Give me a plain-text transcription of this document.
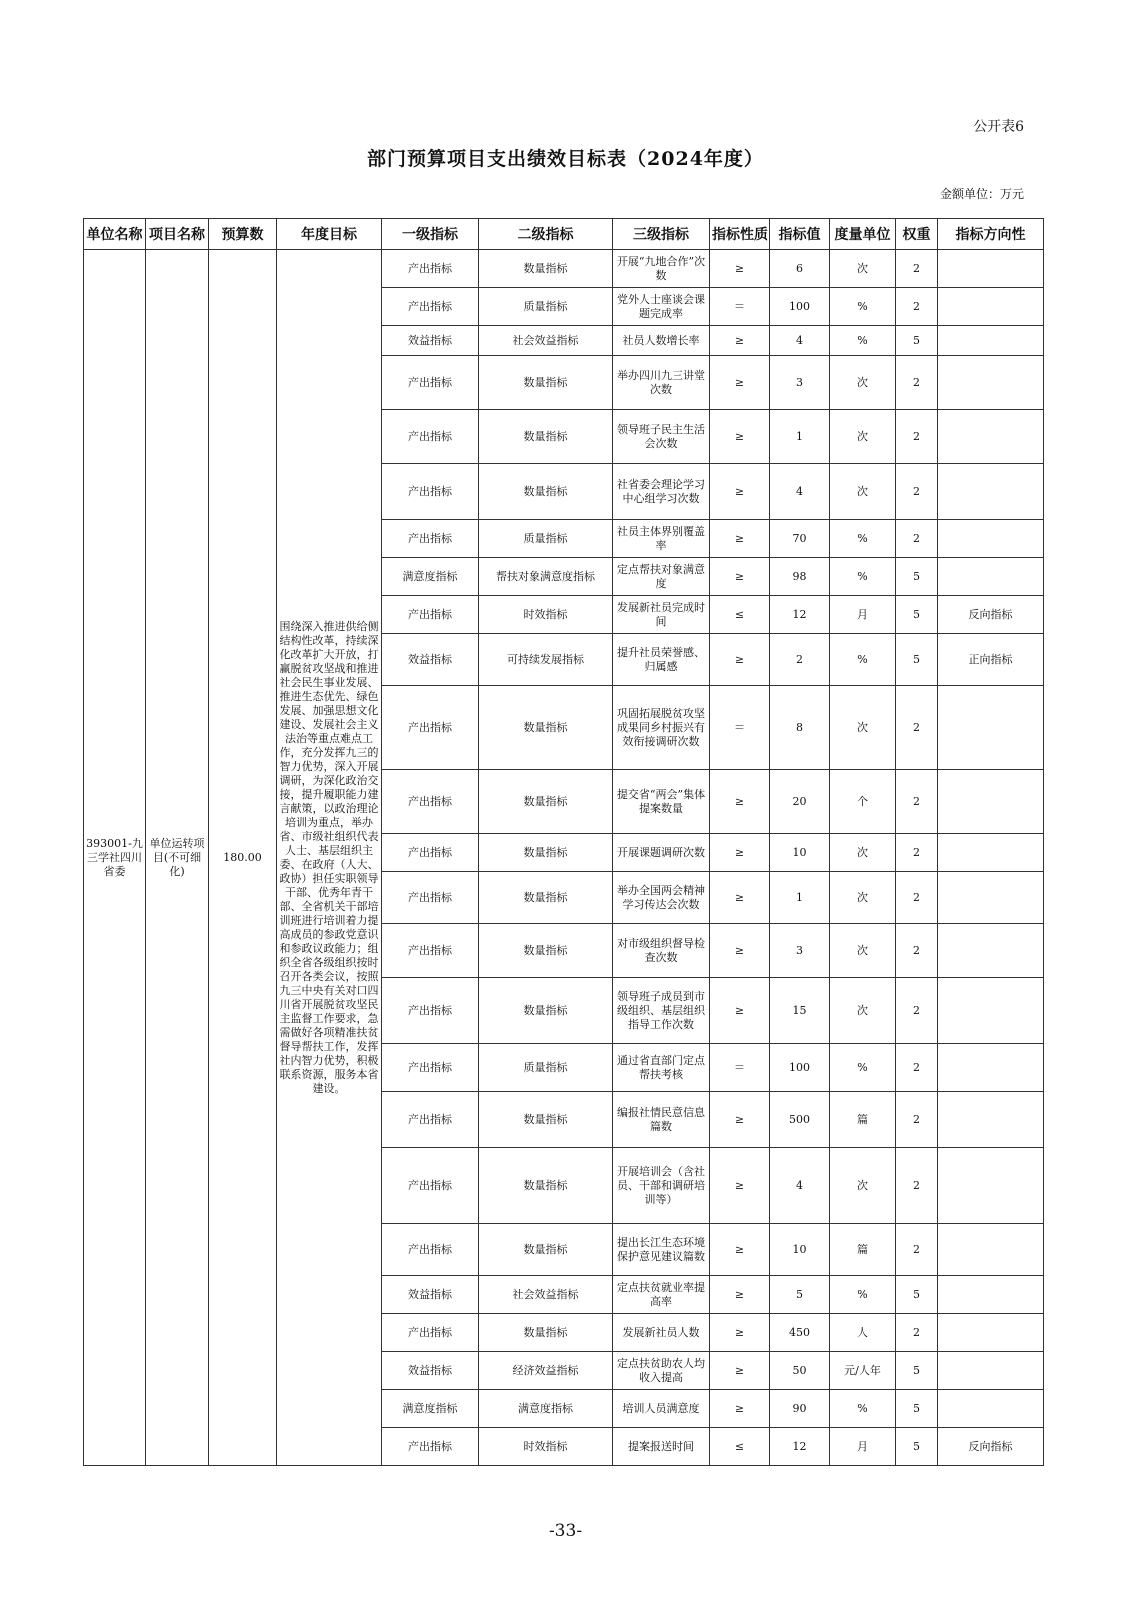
公开表6
部门预算项目支出绩效目标表（2024年度）
金额单位：万元
单位名称	项目名称	预算数	年度目标	一级指标	二级指标	三级指标	指标性质	指标值	度量单位	权重	指标方向性
393001-九三学社四川省委	单位运转项目(不可细化)	180.00	围绕深入推进供给侧结构性改革，持续深化改革扩大开放，打赢脱贫攻坚战和推进社会民生事业发展、推进生态优先、绿色发展、加强思想文化建设、发展社会主义法治等重点难点工作，充分发挥九三的智力优势，深入开展调研，为深化政治交接，提升履职能力建言献策，以政治理论培训为重点，举办省、市级社组织代表人士、基层组织主委、在政府（人大、政协）担任实职领导干部、优秀年青干部、全省机关干部培训班进行培训着力提高成员的参政党意识和参政议政能力；组织全省各级组织按时召开各类会议，按照九三中央有关对口四川省开展脱贫攻坚民主监督工作要求，急需做好各项精准扶贫督导帮扶工作，发挥社内智力优势，积极联系资源，服务本省建设。	产出指标	数量指标	开展“九地合作”次数	≥	6	次	2	
				产出指标	质量指标	党外人士座谈会课题完成率	＝	100	%	2	
				效益指标	社会效益指标	社员人数增长率	≥	4	%	5	
				产出指标	数量指标	举办四川九三讲堂次数	≥	3	次	2	
				产出指标	数量指标	领导班子民主生活会次数	≥	1	次	2	
				产出指标	数量指标	社省委会理论学习中心组学习次数	≥	4	次	2	
				产出指标	质量指标	社员主体界别覆盖率	≥	70	%	2	
				满意度指标	帮扶对象满意度指标	定点帮扶对象满意度	≥	98	%	5	
				产出指标	时效指标	发展新社员完成时间	≤	12	月	5	反向指标
				效益指标	可持续发展指标	提升社员荣誉感、归属感	≥	2	%	5	正向指标
				产出指标	数量指标	巩固拓展脱贫攻坚成果同乡村振兴有效衔接调研次数	＝	8	次	2	
				产出指标	数量指标	提交省“两会”集体提案数量	≥	20	个	2	
				产出指标	数量指标	开展课题调研次数	≥	10	次	2	
				产出指标	数量指标	举办全国两会精神学习传达会次数	≥	1	次	2	
				产出指标	数量指标	对市级组织督导检查次数	≥	3	次	2	
				产出指标	数量指标	领导班子成员到市级组织、基层组织指导工作次数	≥	15	次	2	
				产出指标	质量指标	通过省直部门定点帮扶考核	＝	100	%	2	
				产出指标	数量指标	编报社情民意信息篇数	≥	500	篇	2	
				产出指标	数量指标	开展培训会（含社员、干部和调研培训等）	≥	4	次	2	
				产出指标	数量指标	提出长江生态环境保护意见建议篇数	≥	10	篇	2	
				效益指标	社会效益指标	定点扶贫就业率提高率	≥	5	%	5	
				产出指标	数量指标	发展新社员人数	≥	450	人	2	
				效益指标	经济效益指标	定点扶贫助农人均收入提高	≥	50	元/人年	5	
				满意度指标	满意度指标	培训人员满意度	≥	90	%	5	
				产出指标	时效指标	提案报送时间	≤	12	月	5	反向指标
-33-
